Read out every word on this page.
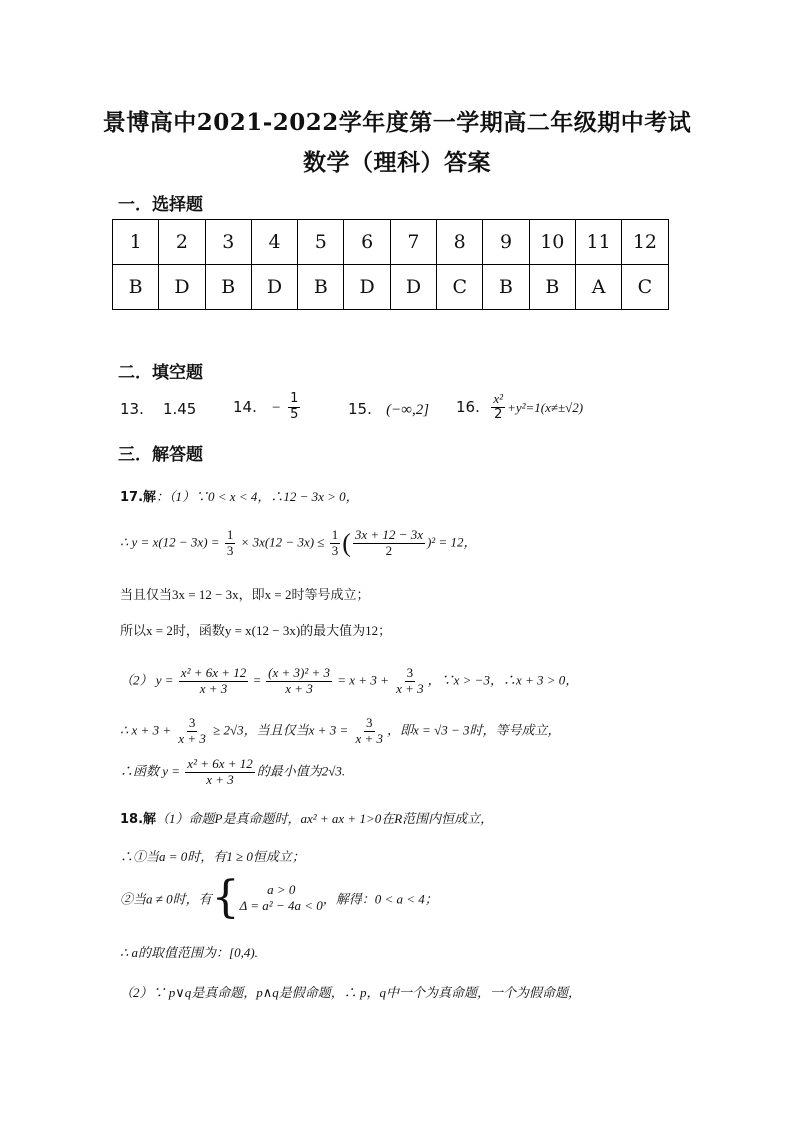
景博高中2021-2022学年度第一学期高二年级期中考试
数学（理科）答案
一．选择题
1	2	3	4	5	6	7	8	9	10	11	12
B	D	B	D	B	D	D	C	B	B	A	C
二．填空题
13. 1.45 14. − $\frac{1}{5}$	15. (−∞,2] 16. $\frac{\text{x²}}{2} +y^2=1(x\ne\pm√2)$
三．解答题
17.解：（1）∵0 < x < 4，∴12 − 3x > 0，
∴ $y = x(12 - 3x) = \frac{1}{3} \times 3x(12 - 3x) \le \frac{1}{3}$ ( $\frac{3x + 12 - 3x}{2} )^2 = 12$，
当且仅当3x = 12 − 3x，即x = 2时等号成立；
所以x = 2时，函数y = x(12 − 3x)的最大值为12；
（2） $y = \frac{\text{x² + 6x + 12}}{x + 3} = \frac{\text{(x + 3)² + 3}}{x + 3} = x + 3 + \frac{3}{x + 3}$ ，∵x > −3，∴x + 3 > 0，
∴ $x + 3 + \frac{3}{x + 3} \ge 2√3$，当且仅当$x + 3 = \frac{3}{x + 3}$ ，即x = √3 − 3时，等号成立，
∴函数 $y = \frac{\text{x² + 6x + 12}}{x + 3}$ 的最小值为2√3.
18.解（1）命题P是真命题时，ax² + ax + 1>0在R范围内恒成立，
∴①当a = 0时，有1 ≥ 0恒成立；
②当a ≠ 0时，有{	a > 0
Δ = a² − 4a < 0 ，解得：0 < a < 4；
∴ a的取值范围为：[0,4).
（2）∵ p∨q是真命题，p∧q是假命题，∴ p，q中一个为真命题，一个为假命题，
